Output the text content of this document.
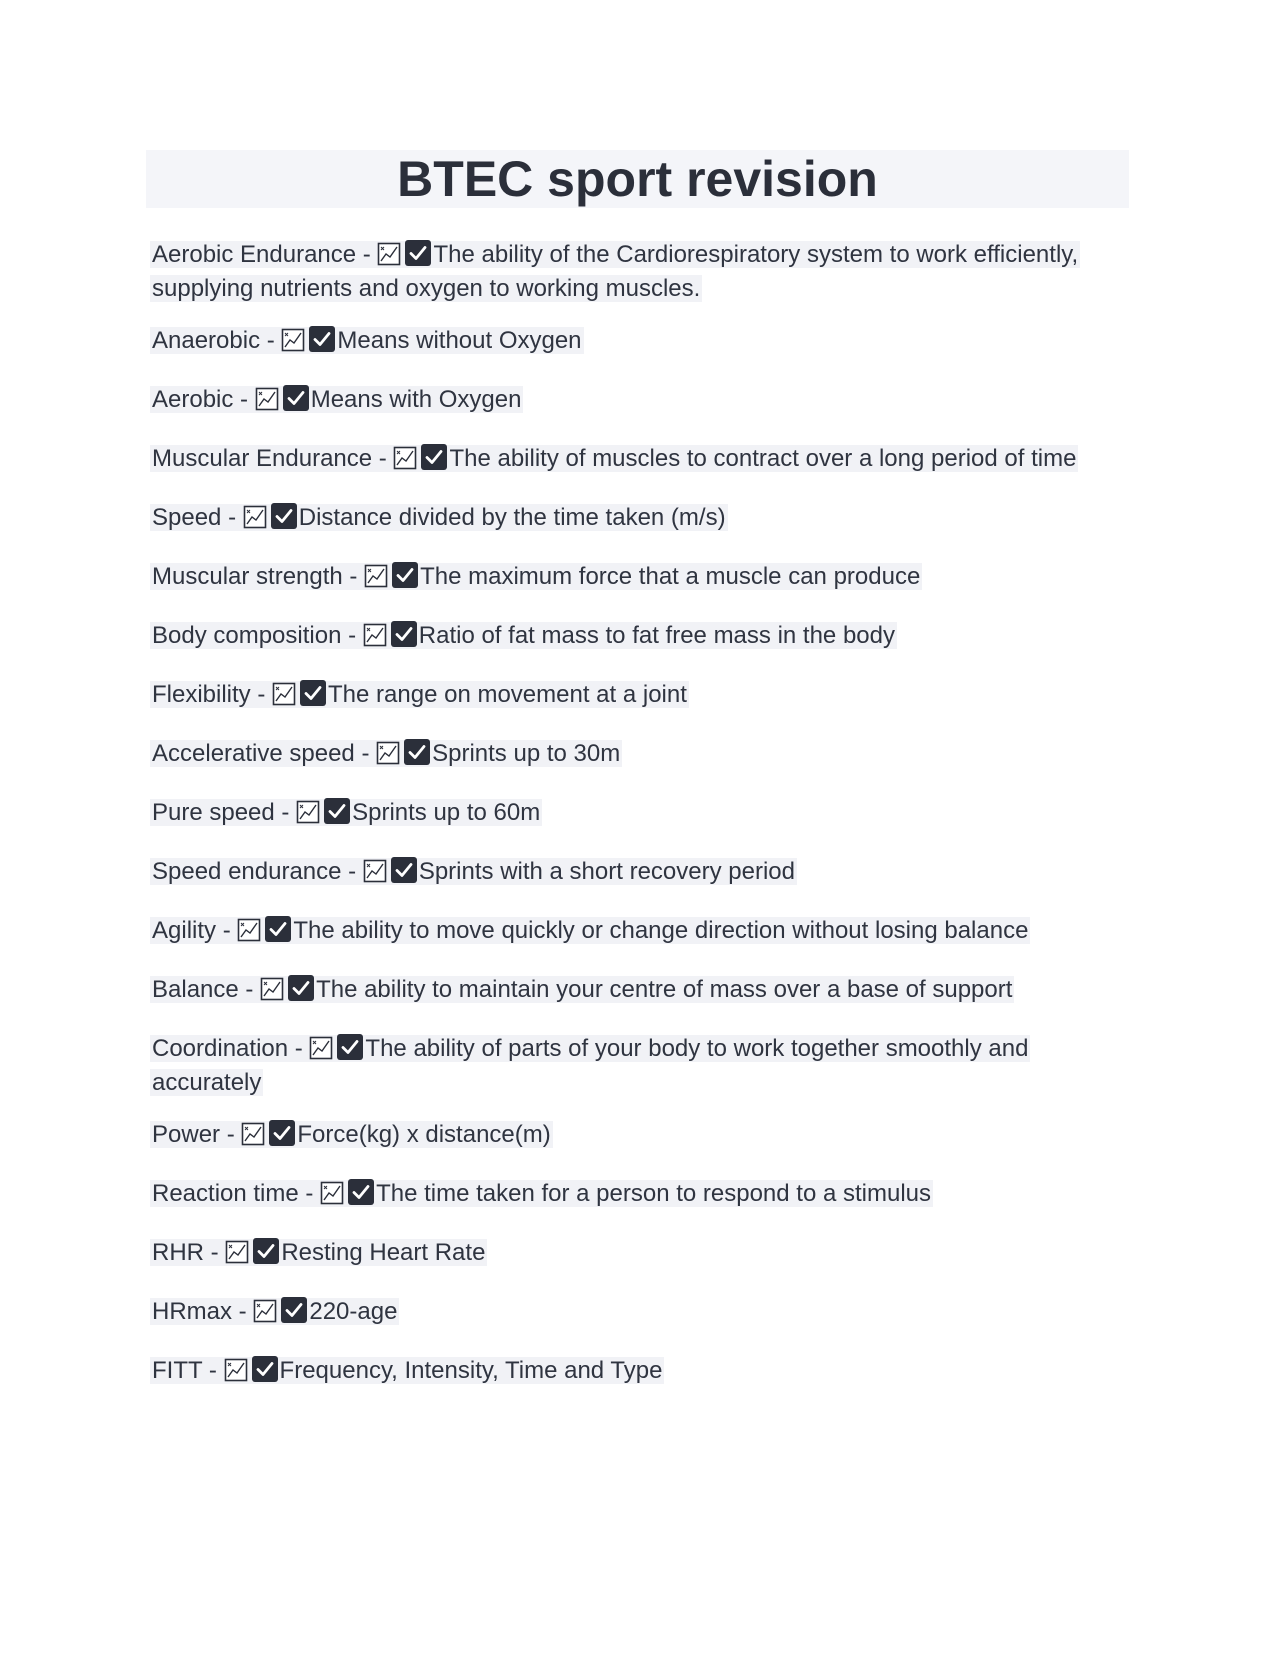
BTEC sport revision
Aerobic Endurance - The ability of the Cardiorespiratory system to work efficiently, supplying nutrients and oxygen to working muscles.
Anaerobic - Means without Oxygen
Aerobic - Means with Oxygen
Muscular Endurance - The ability of muscles to contract over a long period of time
Speed - Distance divided by the time taken (m/s)
Muscular strength - The maximum force that a muscle can produce
Body composition - Ratio of fat mass to fat free mass in the body
Flexibility - The range on movement at a joint
Accelerative speed - Sprints up to 30m
Pure speed - Sprints up to 60m
Speed endurance - Sprints with a short recovery period
Agility - The ability to move quickly or change direction without losing balance
Balance - The ability to maintain your centre of mass over a base of support
Coordination - The ability of parts of your body to work together smoothly and accurately
Power - Force(kg) x distance(m)
Reaction time - The time taken for a person to respond to a stimulus
RHR - Resting Heart Rate
HRmax - 220-age
FITT - Frequency, Intensity, Time and Type
